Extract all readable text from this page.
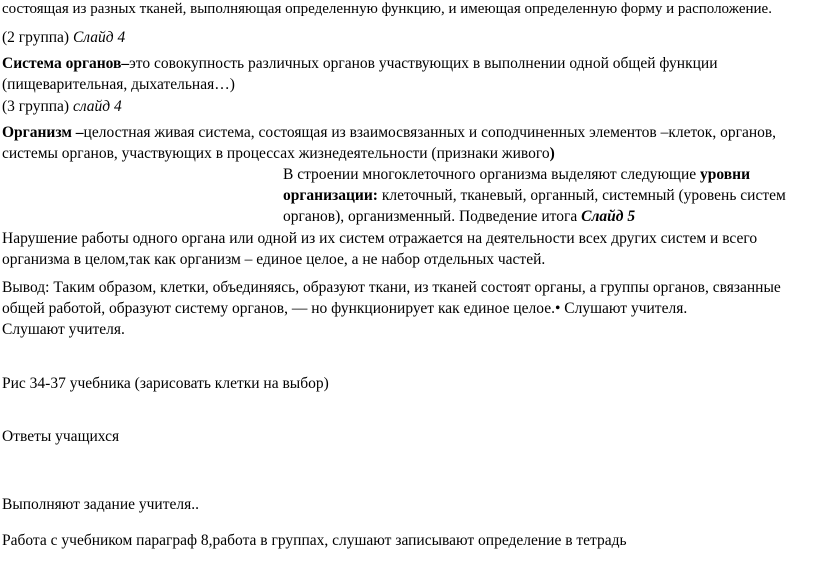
состоящая из разных тканей, выполняющая определенную функцию, и имеющая определенную форму и расположение.

(2 группа) Слайд 4

Система органов–это совокупность различных органов участвующих в выполнении одной общей функции (пищеварительная, дыхательная…)

(3 группа) слайд 4

Организм –целостная живая система, состоящая из взаимосвязанных и соподчиненных элементов –клеток, органов, системы органов, участвующих в процессах жизнедеятельности (признаки живого)

В строении многоклеточного организма выделяют следующие уровни организации: клеточный, тканевый, органный, системный (уровень систем органов), организменный. Подведение итога Слайд 5

Нарушение работы одного органа или одной из их систем отражается на деятельности всех других систем и всего организма в целом,так как организм – единое целое, а не набор отдельных частей.

Вывод: Таким образом, клетки, объединяясь, образуют ткани, из тканей состоят органы, а группы органов, связанные общей работой, образуют систему органов, — но функционирует как единое целое.• Слушают учителя.
Слушают учителя.

Рис 34-37 учебника (зарисовать клетки на выбор)

Ответы учащихся

Выполняют задание учителя..

Работа с учебником параграф 8,работа в группах, слушают записывают определение в тетрадь
